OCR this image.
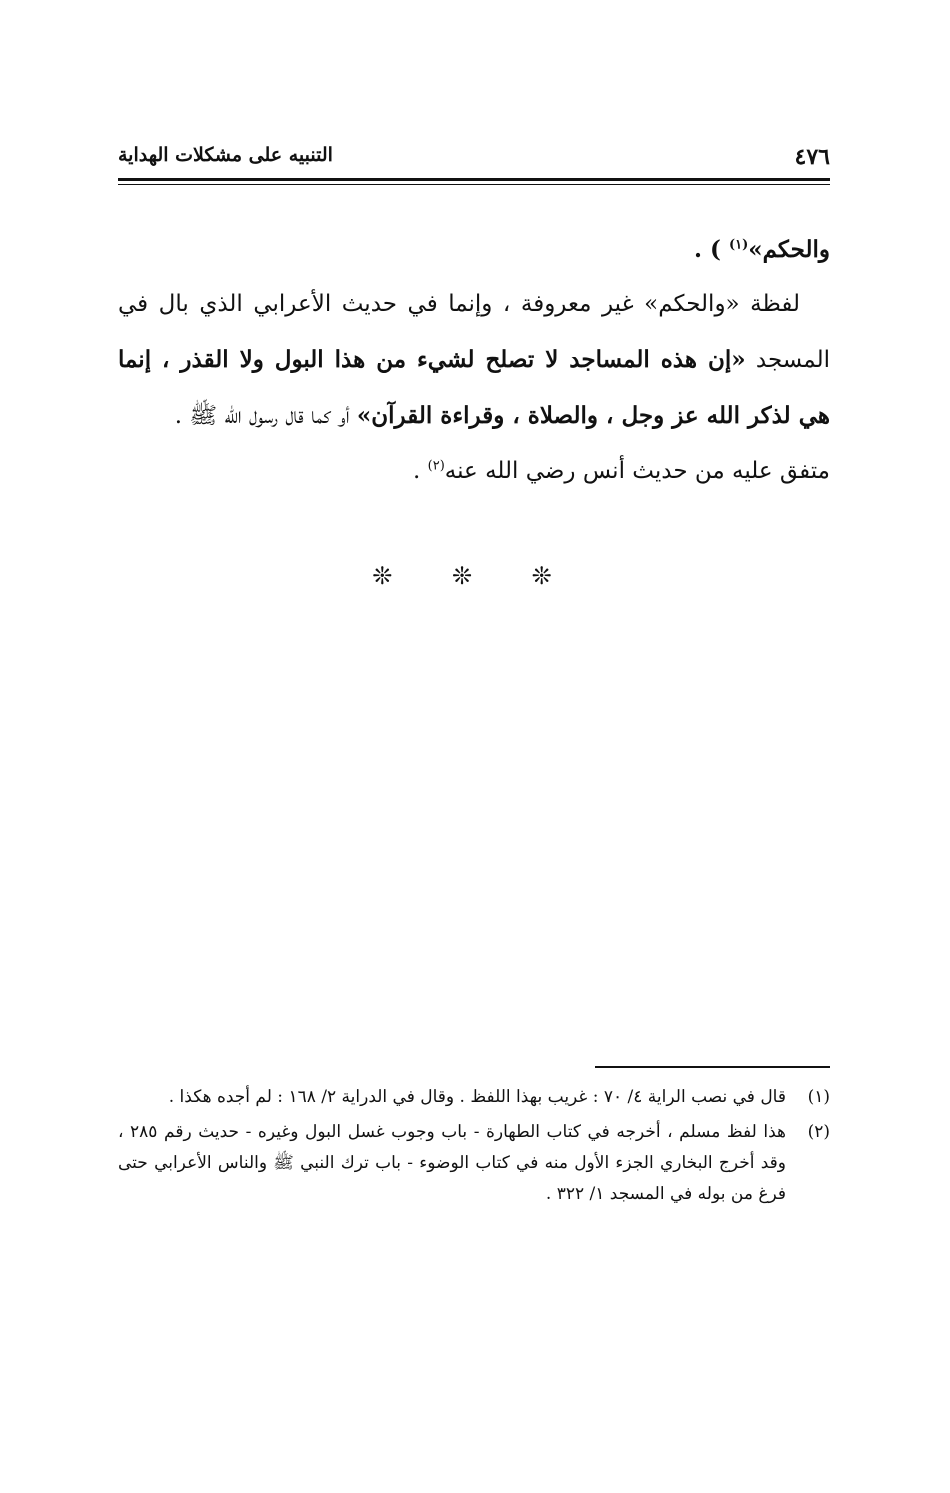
٤٧٦
التنبيه على مشكلات الهداية

والحكم»$^{(١)}$ ) .

لفظة «والحكم» غير معروفة ، وإنما في حديث الأعرابي الذي بال في المسجد «إن هذه المساجد لا تصلح لشيء من هذا البول ولا القذر ، إنما هي لذكر الله عز وجل ، والصلاة ، وقراءة القرآن» أو كما قال رسول الله ﷺ .

متفق عليه من حديث أنس رضي الله عنه$^{(٢)}$ .

❊ ❊ ❊
(١)
قال في نصب الراية ٤/ ٧٠ : غريب بهذا اللفظ . وقال في الدراية ٢/ ١٦٨ : لم أجده هكذا .
(٢)
هذا لفظ مسلم ، أخرجه في كتاب الطهارة - باب وجوب غسل البول وغيره - حديث رقم ٢٨٥ ، وقد أخرج البخاري الجزء الأول منه في كتاب الوضوء - باب ترك النبي ﷺ والناس الأعرابي حتى فرغ من بوله في المسجد ١/ ٣٢٢ .
